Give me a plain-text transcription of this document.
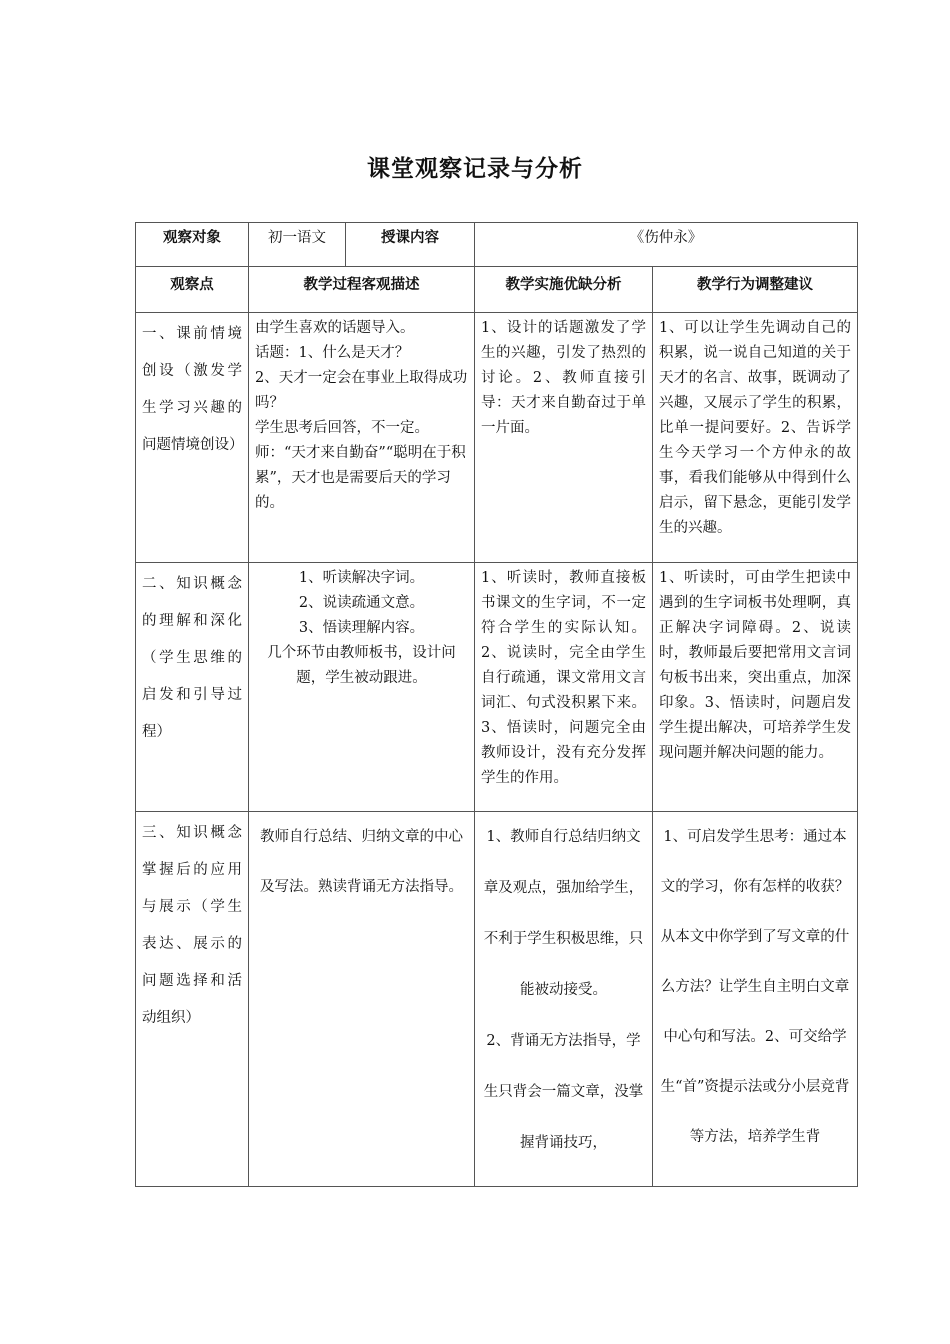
课堂观察记录与分析
观察对象	初一语文	授课内容	《伤仲永》	
观察点	教学过程客观描述		教学实施优缺分析	教学行为调整建议
一、课前情境创设（激发学生学习兴趣的问题情境创设）	由学生喜欢的话题导入。
话题：1、什么是天才？
2、天才一定会在事业上取得成功吗？
学生思考后回答，不一定。
师：“天才来自勤奋”“聪明在于积累”，天才也是需要后天的学习的。		1、设计的话题激发了学生的兴趣，引发了热烈的讨论。2、教师直接引导：天才来自勤奋过于单一片面。	1、可以让学生先调动自己的积累，说一说自己知道的关于天才的名言、故事，既调动了兴趣，又展示了学生的积累，比单一提问要好。2、告诉学生今天学习一个方仲永的故事，看我们能够从中得到什么启示，留下悬念，更能引发学生的兴趣。
二、知识概念的理解和深化（学生思维的启发和引导过程）	1、听读解决字词。
2、说读疏通文意。
3、悟读理解内容。
几个环节由教师板书，设计问题，学生被动跟进。		1、听读时，教师直接板书课文的生字词，不一定符合学生的实际认知。2、说读时，完全由学生自行疏通，课文常用文言词汇、句式没积累下来。3、悟读时，问题完全由教师设计，没有充分发挥学生的作用。	1、听读时，可由学生把读中遇到的生字词板书处理啊，真正解决字词障碍。2、说读时，教师最后要把常用文言词句板书出来，突出重点，加深印象。3、悟读时，问题启发学生提出解决，可培养学生发现问题并解决问题的能力。
三、知识概念掌握后的应用与展示（学生表达、展示的问题选择和活动组织）	教师自行总结、归纳文章的中心及写法。熟读背诵无方法指导。		1、教师自行总结归纳文章及观点，强加给学生，不利于学生积极思维，只能被动接受。

2、背诵无方法指导，学生只背会一篇文章，没掌握背诵技巧，	1、可启发学生思考：通过本文的学习，你有怎样的收获？从本文中你学到了写文章的什么方法？让学生自主明白文章中心句和写法。2、可交给学生“首”资提示法或分小层竞背等方法，培养学生背
